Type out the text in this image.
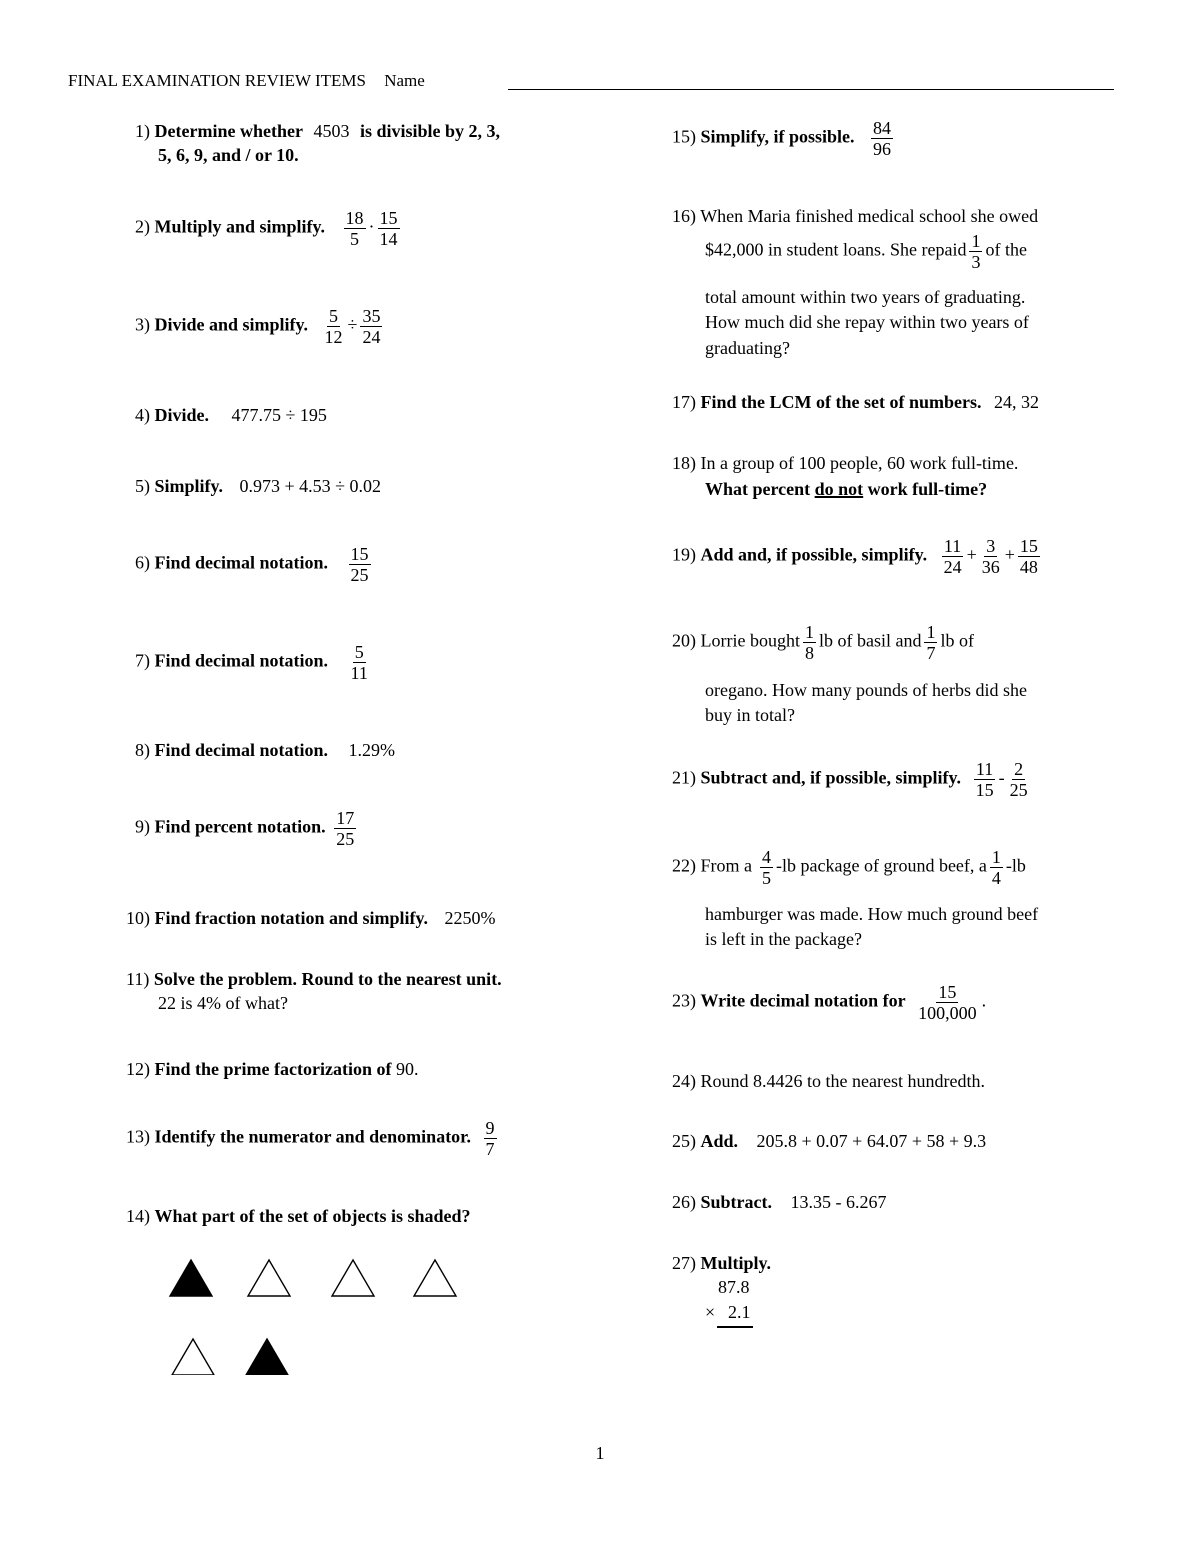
FINAL EXAMINATION REVIEW ITEMS Name
1) Determine whether 4503 is divisible by 2, 3,
5, 6, 9, and / or 10.
2) Multiply and simplify. $\frac{18}{5} \cdot \frac{15}{14}$
3) Divide and simplify. $\frac{5}{12} \div \frac{35}{24}$
4) Divide. 477.75 ÷ 195
5) Simplify. 0.973 + 4.53 ÷ 0.02
6) Find decimal notation. $\frac{15}{25}$
7) Find decimal notation. $\frac{5}{11}$
8) Find decimal notation. 1.29%
9) Find percent notation. $\frac{17}{25}$
10) Find fraction notation and simplify. 2250%
11) Solve the problem. Round to the nearest unit.
22 is 4% of what?
12) Find the prime factorization of 90.
13) Identify the numerator and denominator. $\frac{9}{7}$
14) What part of the set of objects is shaded?
15) Simplify, if possible. $\frac{84}{96}$
16) When Maria finished medical school she owed
$42,000 in student loans. She repaid $\frac{1}{3}$ of the
total amount within two years of graduating.
How much did she repay within two years of
graduating?
17) Find the LCM of the set of numbers. 24, 32
18) In a group of 100 people, 60 work full-time.
What percent do not work full-time?
19) Add and, if possible, simplify. $\frac{11}{24} + \frac{3}{36} + \frac{15}{48}$
20) Lorrie bought $\frac{1}{8}$ lb of basil and $\frac{1}{7}$ lb of
oregano. How many pounds of herbs did she
buy in total?
21) Subtract and, if possible, simplify. $\frac{11}{15} - \frac{2}{25}$
22) From a $\frac{4}{5} -lb$ package of ground beef, a $\frac{1}{4} -lb$
hamburger was made. How much ground beef
is left in the package?
23) Write decimal notation for $\frac{15}{100,000}$ .
24) Round 8.4426 to the nearest hundredth.
25) Add. 205.8 + 0.07 + 64.07 + 58 + 9.3
26) Subtract. 13.35 - 6.267
27) Multiply.
87.8
× 2.1
1
